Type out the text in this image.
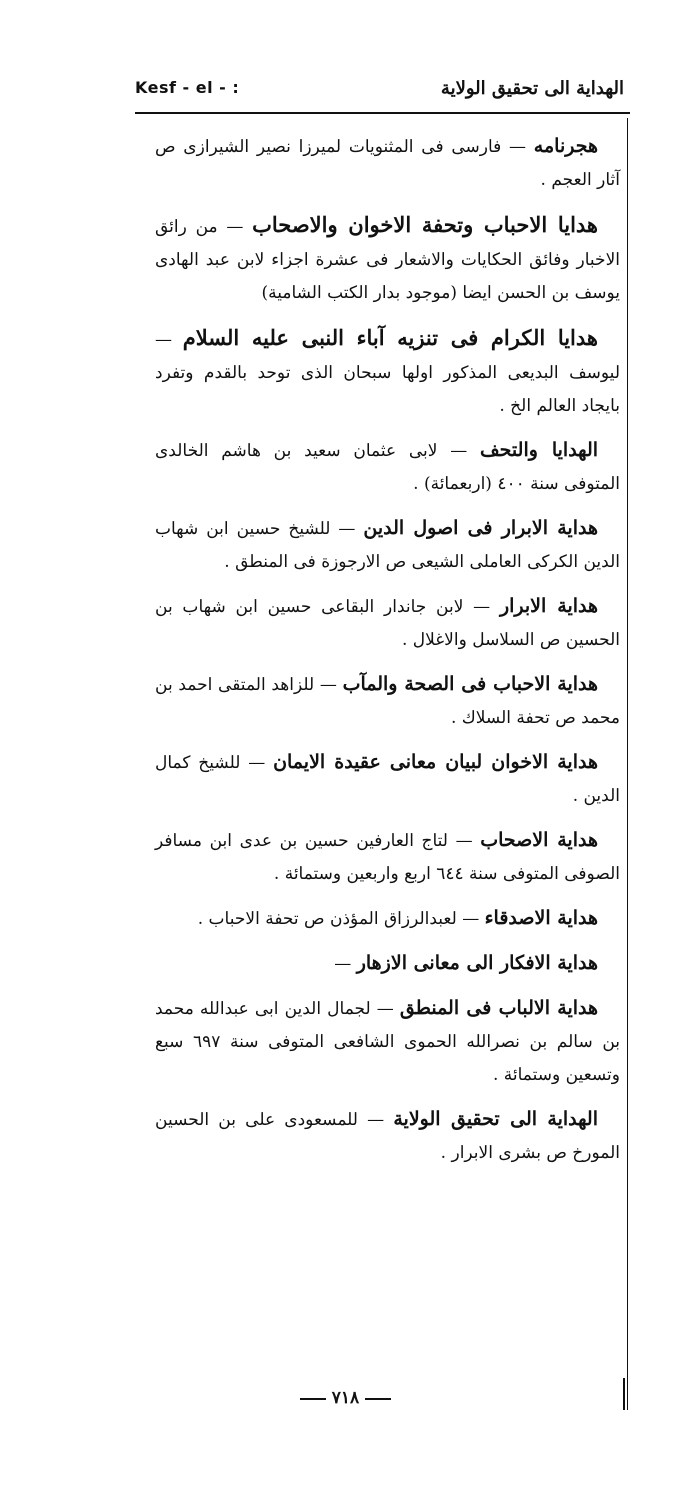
Kesf - el - :	الهداية الى تحقيق الولاية

هجرنامه — فارسى فى المثنويات لميرزا نصير الشيرازى ص آثار العجم .

هدايا الاحباب وتحفة الاخوان والاصحاب — من رائق الاخبار وفائق الحكايات والاشعار فى عشرة اجزاء لابن عبد الهادى يوسف بن الحسن ايضا (موجود بدار الكتب الشامية)

هدايا الكرام فى تنزيه آباء النبى عليه السلام — ليوسف البديعى المذكور اولها سبحان الذى توحد بالقدم وتفرد بايجاد العالم الخ .

الهدايا والتحف — لابى عثمان سعيد بن هاشم الخالدى المتوفى سنة ٤٠٠ (اربعمائة) .

هداية الابرار فى اصول الدين — للشيخ حسين ابن شهاب الدين الكركى العاملى الشيعى ص الارجوزة فى المنطق .

هداية الابرار — لابن جاندار البقاعى حسين ابن شهاب بن الحسين ص السلاسل والاغلال .

هداية الاحباب فى الصحة والمآب — للزاهد المتقى احمد بن محمد ص تحفة السلاك .

هداية الاخوان لبيان معانى عقيدة الايمان — للشيخ كمال الدين .

هداية الاصحاب — لتاج العارفين حسين بن عدى ابن مسافر الصوفى المتوفى سنة ٦٤٤ اربع واربعين وستمائة .

هداية الاصدقاء — لعبدالرزاق المؤذن ص تحفة الاحباب .

هداية الافكار الى معانى الازهار —

هداية الالباب فى المنطق — لجمال الدين ابى عبدالله محمد بن سالم بن نصرالله الحموى الشافعى المتوفى سنة ٦٩٧ سبع وتسعين وستمائة .

الهداية الى تحقيق الولاية — للمسعودى على بن الحسين المورخ ص بشرى الابرار .

٧١٨
